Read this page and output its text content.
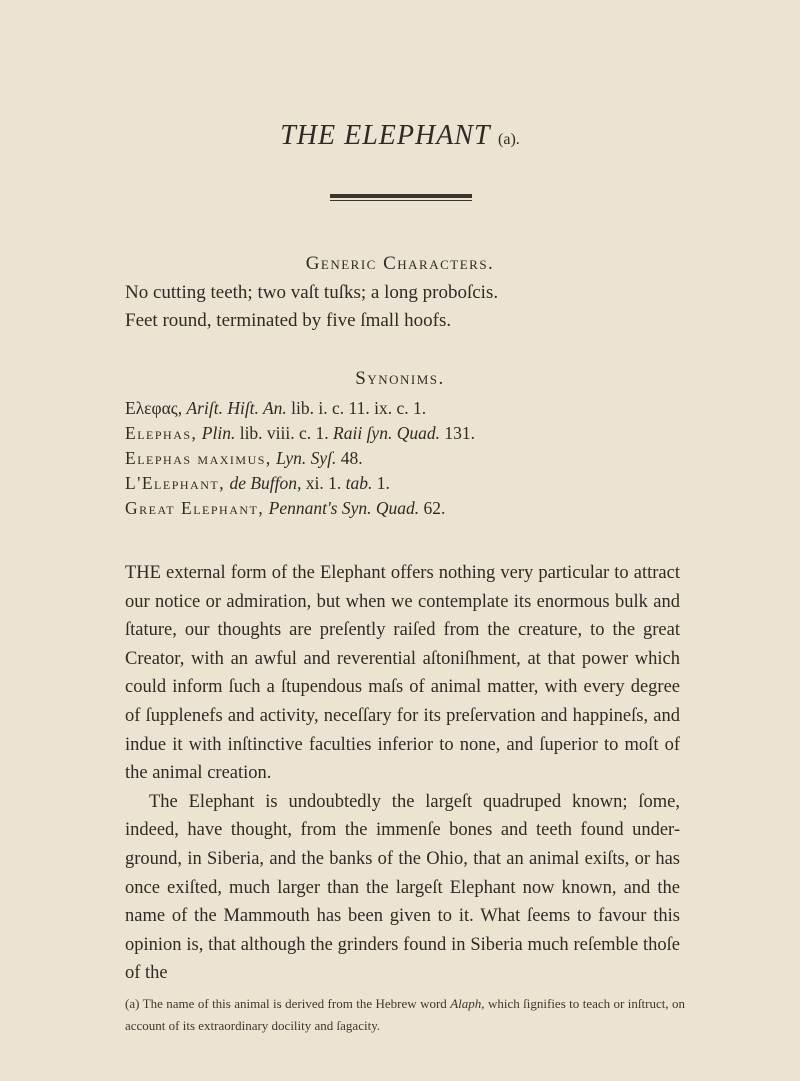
THE ELEPHANT (a).
Generic Characters.
No cutting teeth; two vaſt tuſks; a long proboſcis.
Feet round, terminated by five ſmall hoofs.
Synonims.
Ελεφας, Ariſt. Hiſt. An. lib. i. c. 11. ix. c. 1.
Elephas, Plin. lib. viii. c. 1. Raii ſyn. Quad. 131.
Elephas maximus, Lyn. Syſ. 48.
L'Elephant, de Buffon, xi. 1. tab. 1.
Great Elephant, Pennant's Syn. Quad. 62.

THE external form of the Elephant offers nothing very particular to attract our notice or admiration, but when we contemplate its enormous bulk and ſtature, our thoughts are preſently raiſed from the creature, to the great Creator, with an awful and reverential aſtoniſhment, at that power which could inform ſuch a ſtupendous maſs of animal matter, with every degree of ſupplenefs and activity, neceſſary for its preſervation and happineſs, and indue it with inſtinctive faculties inferior to none, and ſuperior to moſt of the animal creation.

The Elephant is undoubtedly the largeſt quadruped known; ſome, indeed, have thought, from the immenſe bones and teeth found under-ground, in Siberia, and the banks of the Ohio, that an animal exiſts, or has once exiſted, much larger than the largeſt Elephant now known, and the name of the Mammouth has been given to it. What ſeems to favour this opinion is, that although the grinders found in Siberia much reſemble thoſe of the

(a) The name of this animal is derived from the Hebrew word Alaph, which ſignifies to teach or inſtruct, on account of its extraordinary docility and ſagacity.
